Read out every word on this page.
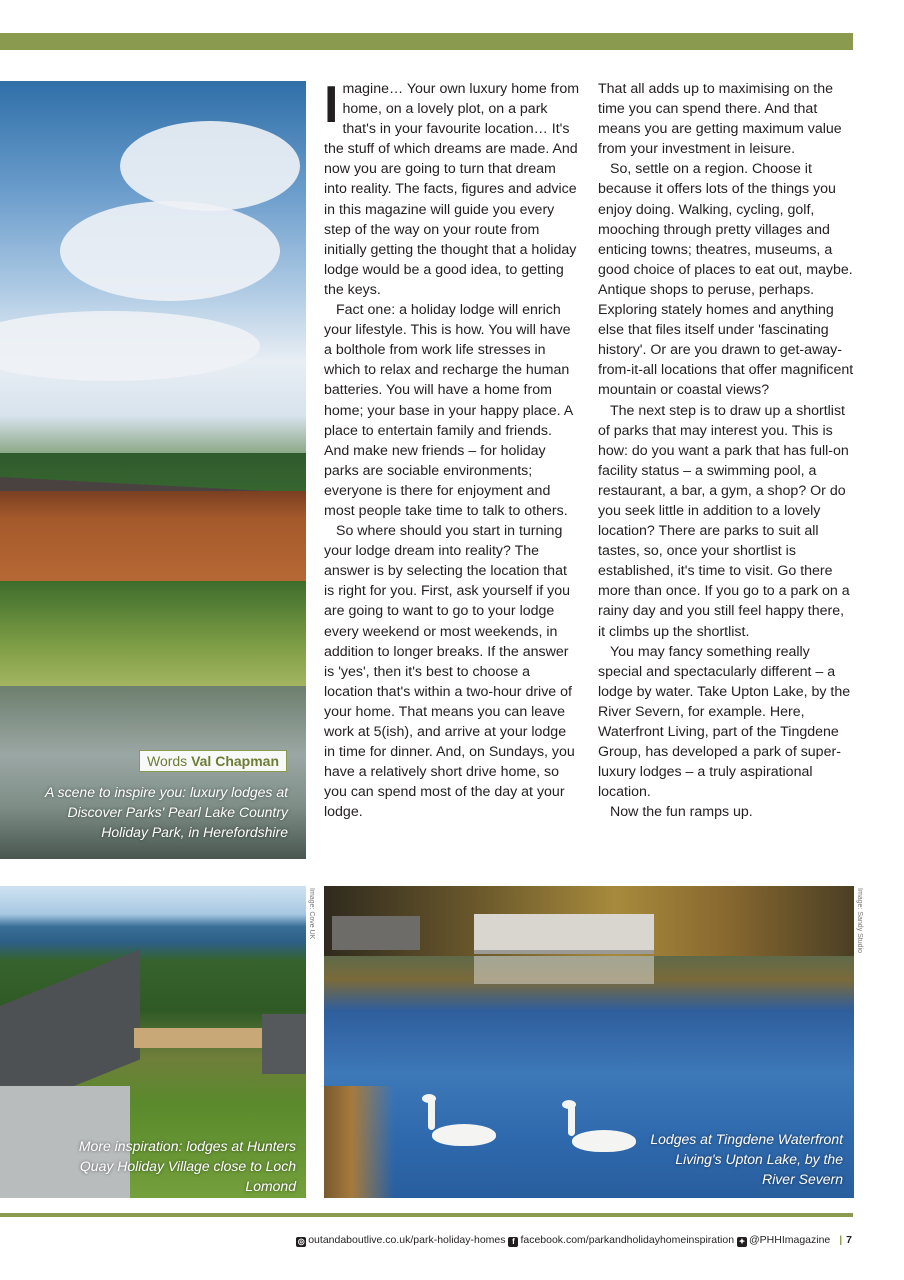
Words Val Chapman
A scene to inspire you: luxury lodges at Discover Parks' Pearl Lake Country Holiday Park, in Herefordshire

Imagine… Your own luxury home from home, on a lovely plot, on a park that's in your favourite location… It's the stuff of which dreams are made. And now you are going to turn that dream into reality. The facts, figures and advice in this magazine will guide you every step of the way on your route from initially getting the thought that a holiday lodge would be a good idea, to getting the keys.

Fact one: a holiday lodge will enrich your lifestyle. This is how. You will have a bolthole from work life stresses in which to relax and recharge the human batteries. You will have a home from home; your base in your happy place. A place to entertain family and friends. And make new friends – for holiday parks are sociable environments; everyone is there for enjoyment and most people take time to talk to others.

So where should you start in turning your lodge dream into reality? The answer is by selecting the location that is right for you. First, ask yourself if you are going to want to go to your lodge every weekend or most weekends, in addition to longer breaks. If the answer is 'yes', then it's best to choose a location that's within a two-hour drive of your home. That means you can leave work at 5(ish), and arrive at your lodge in time for dinner. And, on Sundays, you have a relatively short drive home, so you can spend most of the day at your lodge.

That all adds up to maximising on the time you can spend there. And that means you are getting maximum value from your investment in leisure.

So, settle on a region. Choose it because it offers lots of the things you enjoy doing. Walking, cycling, golf, mooching through pretty villages and enticing towns; theatres, museums, a good choice of places to eat out, maybe. Antique shops to peruse, perhaps. Exploring stately homes and anything else that files itself under 'fascinating history'. Or are you drawn to get-away-from-it-all locations that offer magnificent mountain or coastal views?

The next step is to draw up a shortlist of parks that may interest you. This is how: do you want a park that has full-on facility status – a swimming pool, a restaurant, a bar, a gym, a shop? Or do you seek little in addition to a lovely location? There are parks to suit all tastes, so, once your shortlist is established, it's time to visit. Go there more than once. If you go to a park on a rainy day and you still feel happy there, it climbs up the shortlist.

You may fancy something really special and spectacularly different – a lodge by water. Take Upton Lake, by the River Severn, for example. Here, Waterfront Living, part of the Tingdene Group, has developed a park of super-luxury lodges – a truly aspirational location.

Now the fun ramps up.

Image: Cove UK
More inspiration: lodges at Hunters Quay Holiday Village close to Loch Lomond
Image: Sandy Studio
Lodges at Tingdene Waterfront Living's Upton Lake, by the River Severn
◎ outandaboutlive.co.uk/park-holiday-homes f facebook.com/parkandholidayhomeinspiration ✦ @PHHImagazine | 7
